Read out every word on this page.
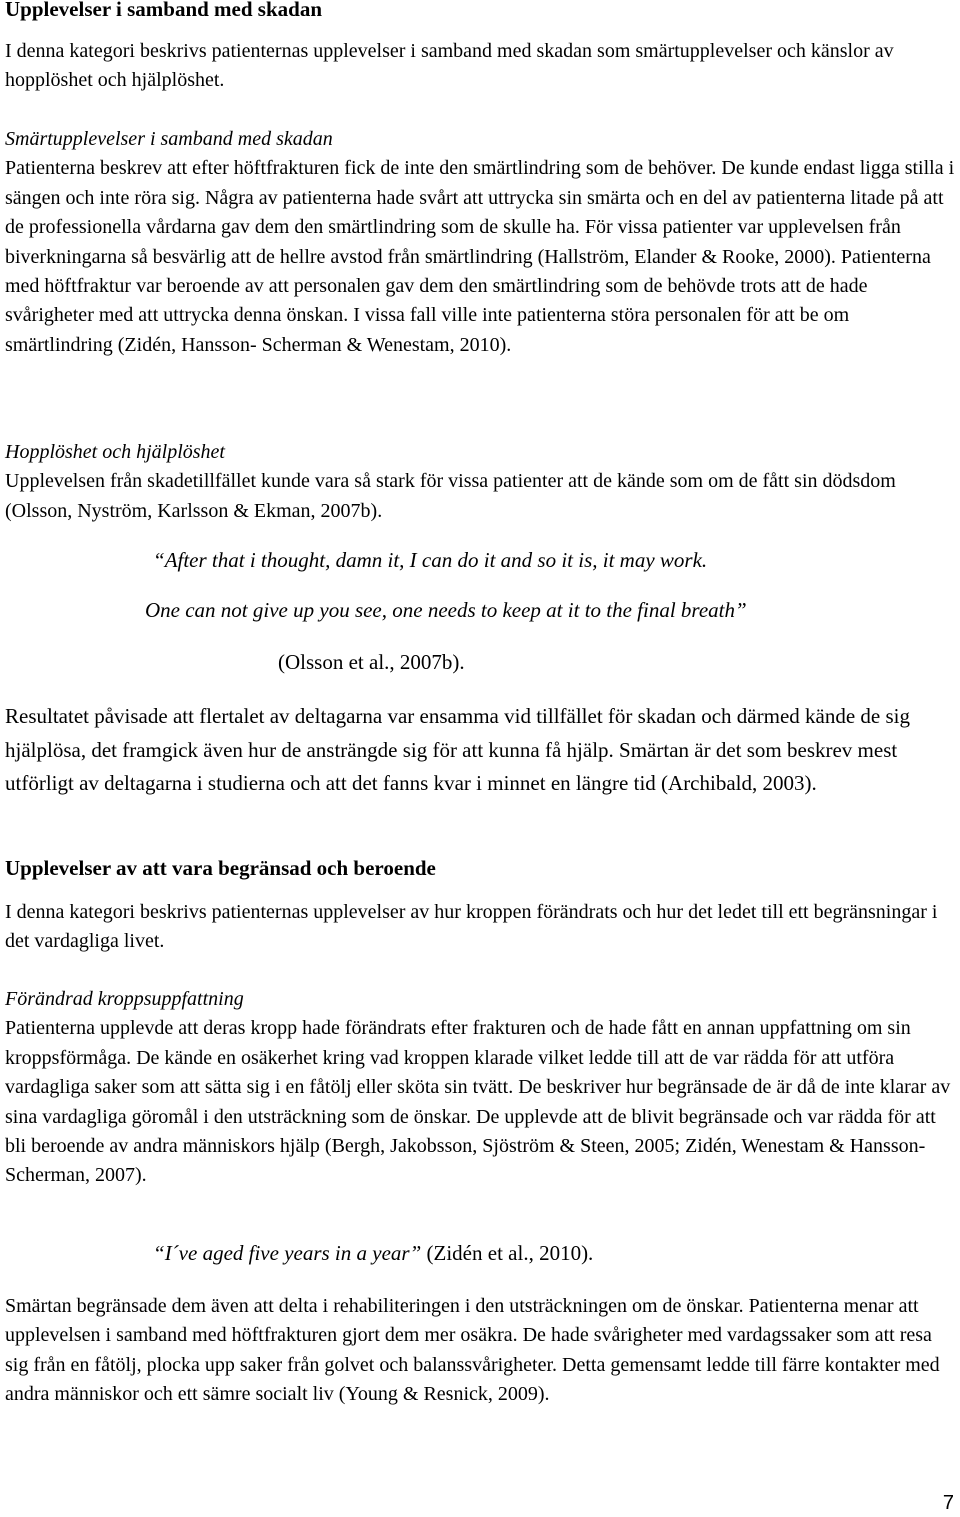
Upplevelser i samband med skadan

I denna kategori beskrivs patienternas upplevelser i samband med skadan som smärtupplevelser och känslor av hopplöshet och hjälplöshet.

Smärtupplevelser i samband med skadan

Patienterna beskrev att efter höftfrakturen fick de inte den smärtlindring som de behöver. De kunde endast ligga stilla i sängen och inte röra sig. Några av patienterna hade svårt att uttrycka sin smärta och en del av patienterna litade på att de professionella vårdarna gav dem den smärtlindring som de skulle ha. För vissa patienter var upplevelsen från biverkningarna så besvärlig att de hellre avstod från smärtlindring (Hallström, Elander & Rooke, 2000). Patienterna med höftfraktur var beroende av att personalen gav dem den smärtlindring som de behövde trots att de hade svårigheter med att uttrycka denna önskan. I vissa fall ville inte patienterna störa personalen för att be om smärtlindring (Zidén, Hansson- Scherman & Wenestam, 2010).

Hopplöshet och hjälplöshet

Upplevelsen från skadetillfället kunde vara så stark för vissa patienter att de kände som om de fått sin dödsdom (Olsson, Nyström, Karlsson & Ekman, 2007b).

“After that i thought, damn it, I can do it and so it is, it may work.
One can not give up you see, one needs to keep at it to the final breath”
(Olsson et al., 2007b).

Resultatet påvisade att flertalet av deltagarna var ensamma vid tillfället för skadan och därmed kände de sig hjälplösa, det framgick även hur de ansträngde sig för att kunna få hjälp. Smärtan är det som beskrev mest utförligt av deltagarna i studierna och att det fanns kvar i minnet en längre tid (Archibald, 2003).

Upplevelser av att vara begränsad och beroende

I denna kategori beskrivs patienternas upplevelser av hur kroppen förändrats och hur det ledet till ett begränsningar i det vardagliga livet.

Förändrad kroppsuppfattning

Patienterna upplevde att deras kropp hade förändrats efter frakturen och de hade fått en annan uppfattning om sin kroppsförmåga. De kände en osäkerhet kring vad kroppen klarade vilket ledde till att de var rädda för att utföra vardagliga saker som att sätta sig i en fåtölj eller sköta sin tvätt. De beskriver hur begränsade de är då de inte klarar av sina vardagliga göromål i den utsträckning som de önskar. De upplevde att de blivit begränsade och var rädda för att bli beroende av andra människors hjälp (Bergh, Jakobsson, Sjöström & Steen, 2005; Zidén, Wenestam & Hansson- Scherman, 2007).

“I´ve aged five years in a year” (Zidén et al., 2010).

Smärtan begränsade dem även att delta i rehabiliteringen i den utsträckningen om de önskar. Patienterna menar att upplevelsen i samband med höftfrakturen gjort dem mer osäkra. De hade svårigheter med vardagssaker som att resa sig från en fåtölj, plocka upp saker från golvet och balanssvårigheter. Detta gemensamt ledde till färre kontakter med andra människor och ett sämre socialt liv (Young & Resnick, 2009).

7
